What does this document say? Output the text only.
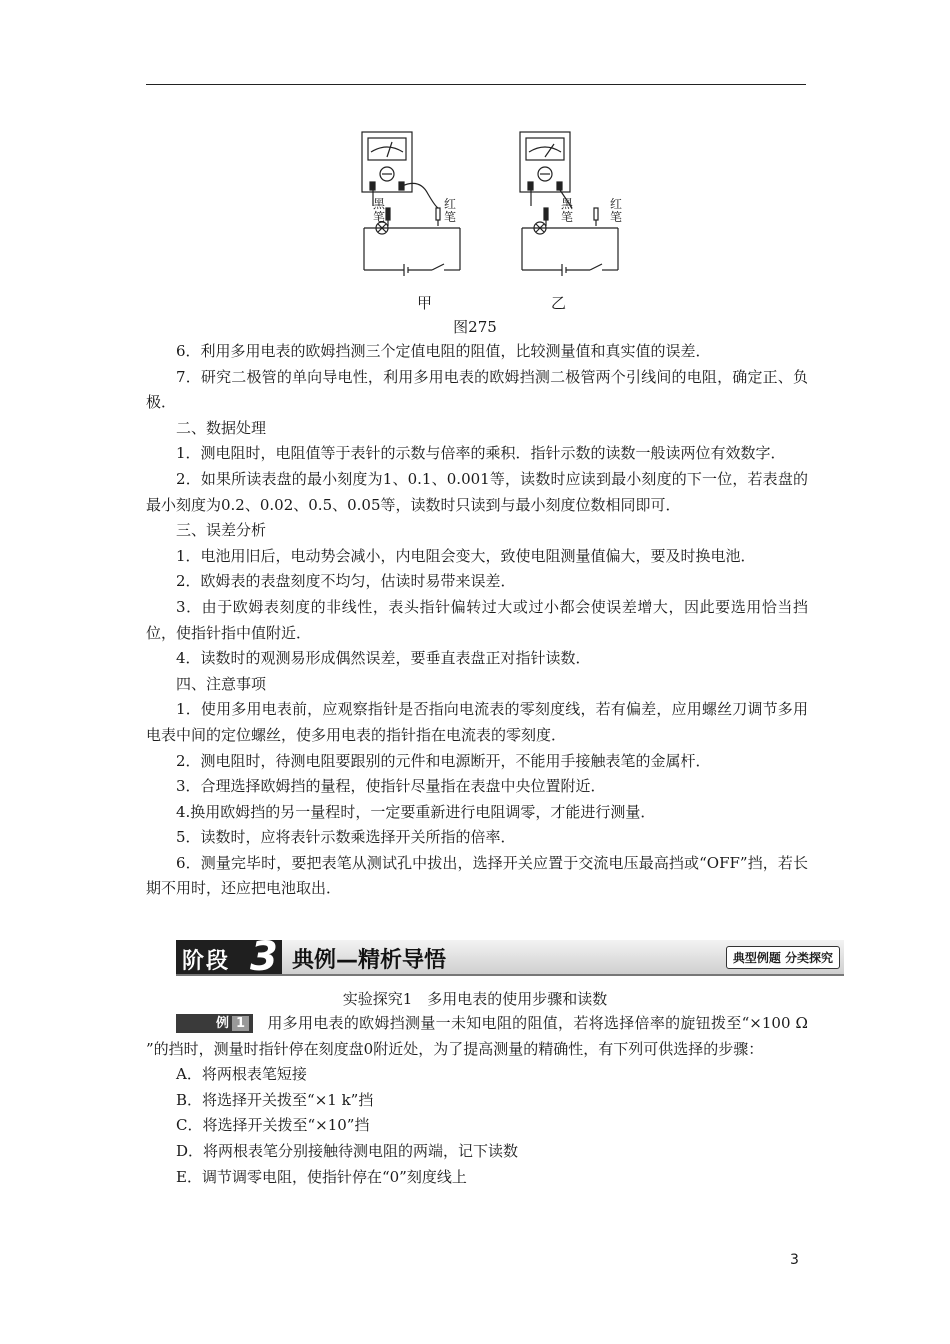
黑笔
红笔
黑笔
红笔
甲	乙
图275

6．利用多用电表的欧姆挡测三个定值电阻的阻值，比较测量值和真实值的误差．

7．研究二极管的单向导电性，利用多用电表的欧姆挡测二极管两个引线间的电阻，确定正、负极．

二、数据处理

1．测电阻时，电阻值等于表针的示数与倍率的乘积．指针示数的读数一般读两位有效数字．

2．如果所读表盘的最小刻度为1、0.1、0.001等，读数时应读到最小刻度的下一位，若表盘的最小刻度为0.2、0.02、0.5、0.05等，读数时只读到与最小刻度位数相同即可．

三、误差分析

1．电池用旧后，电动势会减小，内电阻会变大，致使电阻测量值偏大，要及时换电池．

2．欧姆表的表盘刻度不均匀，估读时易带来误差．

3．由于欧姆表刻度的非线性，表头指针偏转过大或过小都会使误差增大，因此要选用恰当挡位，使指针指中值附近．

4．读数时的观测易形成偶然误差，要垂直表盘正对指针读数．

四、注意事项

1．使用多用电表前，应观察指针是否指向电流表的零刻度线，若有偏差，应用螺丝刀调节多用电表中间的定位螺丝，使多用电表的指针指在电流表的零刻度．

2．测电阻时，待测电阻要跟别的元件和电源断开，不能用手接触表笔的金属杆．

3．合理选择欧姆挡的量程，使指针尽量指在表盘中央位置附近．

4.换用欧姆挡的另一量程时，一定要重新进行电阻调零，才能进行测量．

5．读数时，应将表针示数乘选择开关所指的倍率．

6．测量完毕时，要把表笔从测试孔中拔出，选择开关应置于交流电压最高挡或“OFF”挡，若长期不用时，还应把电池取出．

阶段 3 典例—精析导悟	典型例题 分类探究
实验探究1　多用电表的使用步骤和读数

例 1 用多用电表的欧姆挡测量一未知电阻的阻值，若将选择倍率的旋钮拨至“×100 Ω ”的挡时，测量时指针停在刻度盘0附近处，为了提高测量的精确性，有下列可供选择的步骤：

A．将两根表笔短接

B．将选择开关拨至“×1 k”挡

C．将选择开关拨至“×10”挡

D．将两根表笔分别接触待测电阻的两端，记下读数

E．调节调零电阻，使指针停在“0”刻度线上

3
